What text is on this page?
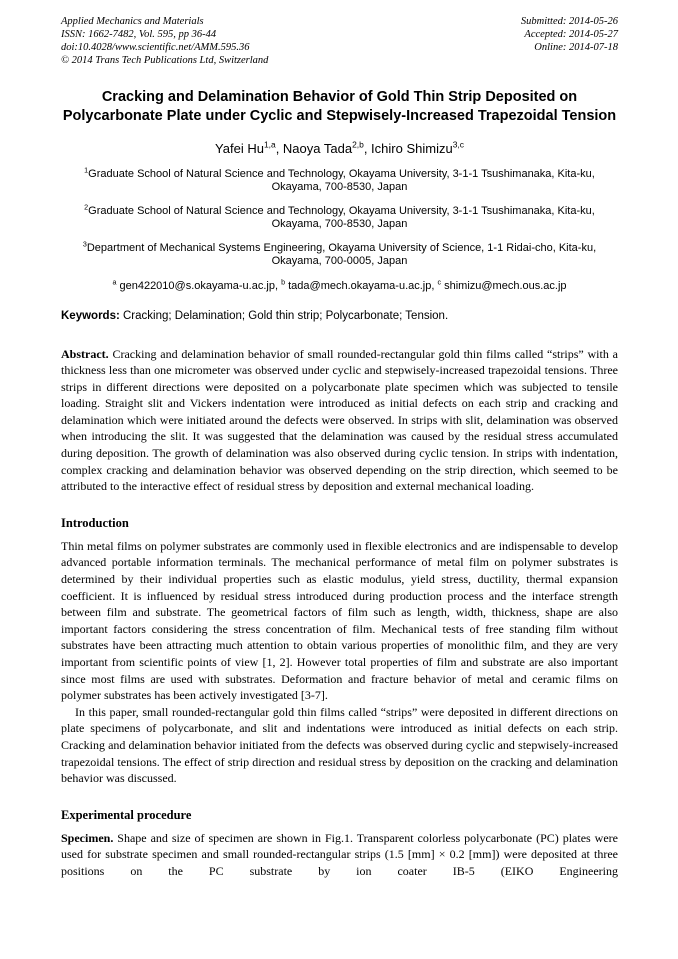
Applied Mechanics and Materials
ISSN: 1662-7482, Vol. 595, pp 36-44
doi:10.4028/www.scientific.net/AMM.595.36
© 2014 Trans Tech Publications Ltd, Switzerland
Submitted: 2014-05-26
Accepted: 2014-05-27
Online: 2014-07-18
Cracking and Delamination Behavior of Gold Thin Strip Deposited on Polycarbonate Plate under Cyclic and Stepwisely-Increased Trapezoidal Tension
Yafei Hu$^{1,a}$, Naoya Tada$^{2,b}$, Ichiro Shimizu$^{3,c}$
$^1$Graduate School of Natural Science and Technology, Okayama University, 3-1-1 Tsushimanaka, Kita-ku, Okayama, 700-8530, Japan
$^2$Graduate School of Natural Science and Technology, Okayama University, 3-1-1 Tsushimanaka, Kita-ku, Okayama, 700-8530, Japan
$^3$Department of Mechanical Systems Engineering, Okayama University of Science, 1-1 Ridai-cho, Kita-ku, Okayama, 700-0005, Japan
$^a$ gen422010@s.okayama-u.ac.jp, $^b$ tada@mech.okayama-u.ac.jp, $^c$ shimizu@mech.ous.ac.jp
Keywords: Cracking; Delamination; Gold thin strip; Polycarbonate; Tension.
Abstract. Cracking and delamination behavior of small rounded-rectangular gold thin films called “strips” with a thickness less than one micrometer was observed under cyclic and stepwisely-increased trapezoidal tensions. Three strips in different directions were deposited on a polycarbonate plate specimen which was subjected to tensile loading. Straight slit and Vickers indentation were introduced as initial defects on each strip and cracking and delamination which were initiated around the defects were observed. In strips with slit, delamination was observed when introducing the slit. It was suggested that the delamination was caused by the residual stress accumulated during deposition. The growth of delamination was also observed during cyclic tension. In strips with indentation, complex cracking and delamination behavior was observed depending on the strip direction, which seemed to be attributed to the interactive effect of residual stress by deposition and external mechanical loading.
Introduction
Thin metal films on polymer substrates are commonly used in flexible electronics and are indispensable to develop advanced portable information terminals. The mechanical performance of metal film on polymer substrates is determined by their individual properties such as elastic modulus, yield stress, ductility, thermal expansion coefficient. It is influenced by residual stress introduced during production process and the interface strength between film and substrate. The geometrical factors of film such as length, width, thickness, shape are also important factors considering the stress concentration of film. Mechanical tests of free standing film without substrates have been attracting much attention to obtain various properties of monolithic film, and they are very important from scientific points of view [1, 2]. However total properties of film and substrate are also important since most films are used with substrates. Deformation and fracture behavior of metal and ceramic films on polymer substrates has been actively investigated [3-7].
In this paper, small rounded-rectangular gold thin films called “strips” were deposited in different directions on plate specimens of polycarbonate, and slit and indentations were introduced as initial defects on each strip. Cracking and delamination behavior initiated from the defects was observed during cyclic and stepwisely-increased trapezoidal tensions. The effect of strip direction and residual stress by deposition on the cracking and delamination behavior was discussed.
Experimental procedure
Specimen. Shape and size of specimen are shown in Fig.1. Transparent colorless polycarbonate (PC) plates were used for substrate specimen and small rounded-rectangular strips (1.5 [mm] × 0.2 [mm]) were deposited at three positions on the PC substrate by ion coater IB-5 (EIKO Engineering
